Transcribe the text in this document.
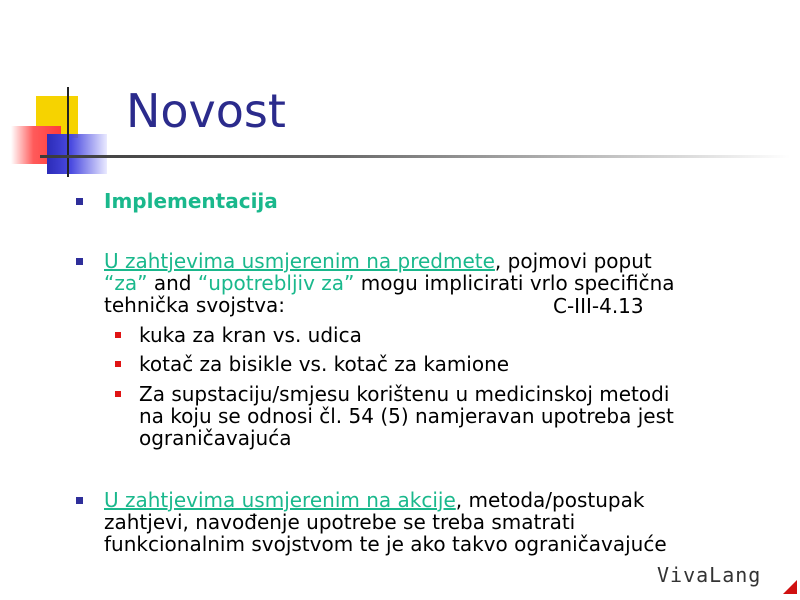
Novost
Implementacija
U zahtjevima usmjerenim na predmete, pojmovi poput
“za” and “upotrebljiv za” mogu implicirati vrlo specifična
tehnička svojstva:	C-III-4.13
kuka za kran vs. udica
kotač za bisikle vs. kotač za kamione
Za supstaciju/smjesu korištenu u medicinskoj metodi
na koju se odnosi čl. 54 (5) namjeravan upotreba jest
ograničavajuća
U zahtjevima usmjerenim na akcije, metoda/postupak
zahtjevi, navođenje upotrebe se treba smatrati
funkcionalnim svojstvom te je ako takvo ograničavajuće
VivaLang
